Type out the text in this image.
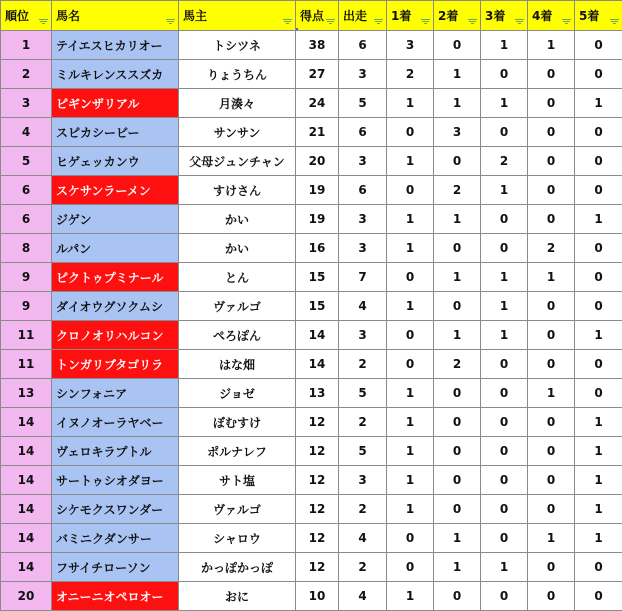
順位	馬名	馬主	得点	出走	1着	2着	3着	4着	5着

1	テイエスヒカリオー	トシツネ	38	6	3	0	1	1	0
2	ミルキレンススズカ	りょうちん	27	3	2	1	0	0	0
3	ピギンザリアル	月湊々	24	5	1	1	1	0	1
4	スピカシービー	サンサン	21	6	0	3	0	0	0
5	ヒゲェッカンウ	父母ジュンチャン	20	3	1	0	2	0	0
6	スケサンラーメン	すけさん	19	6	0	2	1	0	0
6	ジゲン	かい	19	3	1	1	0	0	1
8	ルパン	かい	16	3	1	0	0	2	0
9	ピクトゥプミナール	とん	15	7	0	1	1	1	0
9	ダイオウグソクムシ	ヴァルゴ	15	4	1	0	1	0	0
11	クロノオリハルコン	ぺろぽん	14	3	0	1	1	0	1
11	トンガリブタゴリラ	はな畑	14	2	0	2	0	0	0
13	シンフォニア	ジョゼ	13	5	1	0	0	1	0
14	イヌノオーラヤベー	ぼむすけ	12	2	1	0	0	0	1
14	ヴェロキラプトル	ポルナレフ	12	5	1	0	0	0	1
14	サートゥシオダヨー	サト塩	12	3	1	0	0	0	1
14	シケモクスワンダー	ヴァルゴ	12	2	1	0	0	0	1
14	バミニクダンサー	シャロウ	12	4	0	1	0	1	1
14	フサイチローソン	かっぽかっぽ	12	2	0	1	1	0	0
20	オニーニオペロオー	おに	10	4	1	0	0	0	0
